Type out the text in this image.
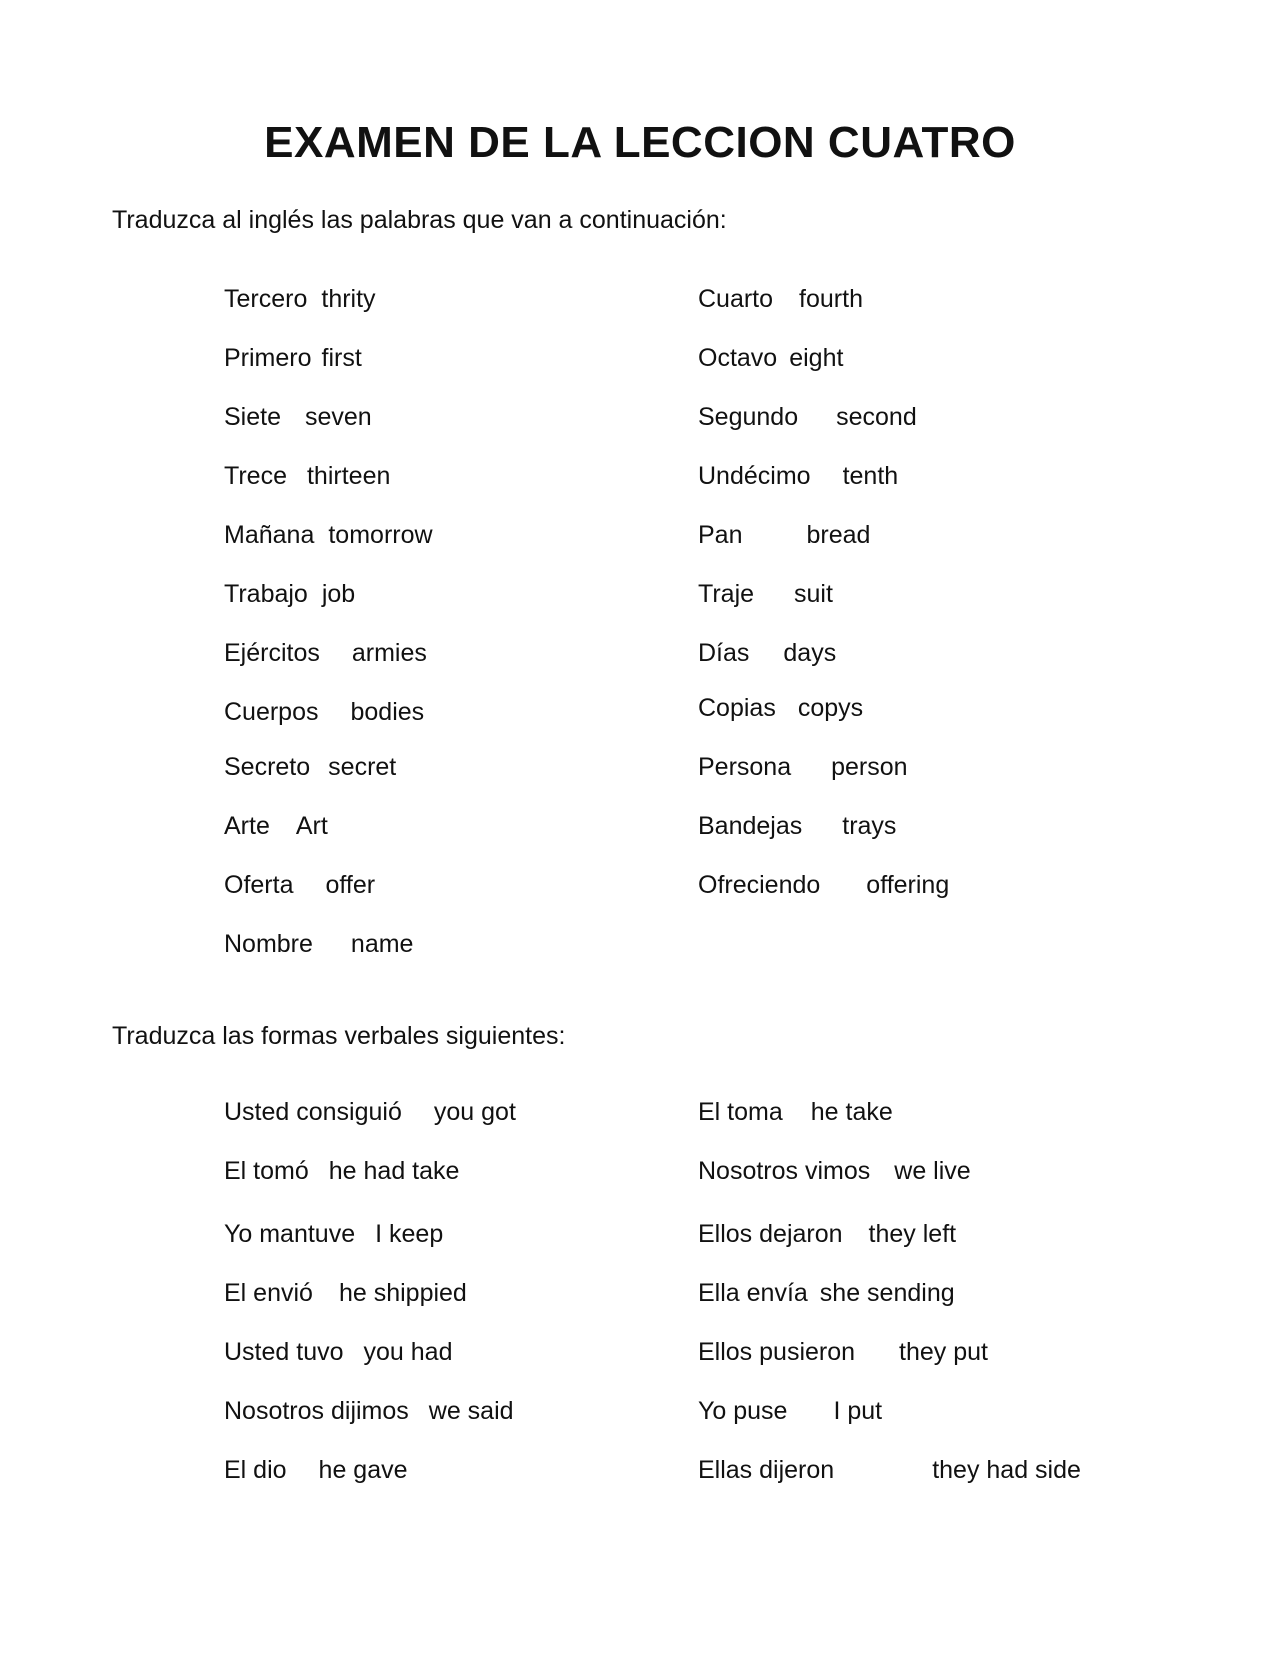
EXAMEN DE LA LECCION CUATRO

Traduzca al inglés las palabras que van a continuación:

Tercero thrity
Primero first
Siete seven
Trece thirteen
Mañana tomorrow
Trabajo job
Ejércitos armies
Cuerpos bodies
Secreto secret
Arte Art
Oferta offer
Nombre name
Cuarto fourth
Octavo eight
Segundo second
Undécimo tenth
Pan	bread
Traje suit
Días days
Copias copys
Persona person
Bandejas trays
Ofreciendo offering

Traduzca las formas verbales siguientes:

Usted consiguió you got
El tomó he had take
Yo mantuve I keep
El envió he shippied
Usted tuvo you had
Nosotros dijimos we said
El dio he gave
El toma he take
Nosotros vimos we live
Ellos dejaron they left
Ella envía she sending
Ellos pusieron they put
Yo puse I put
Ellas dijeron	they had side
